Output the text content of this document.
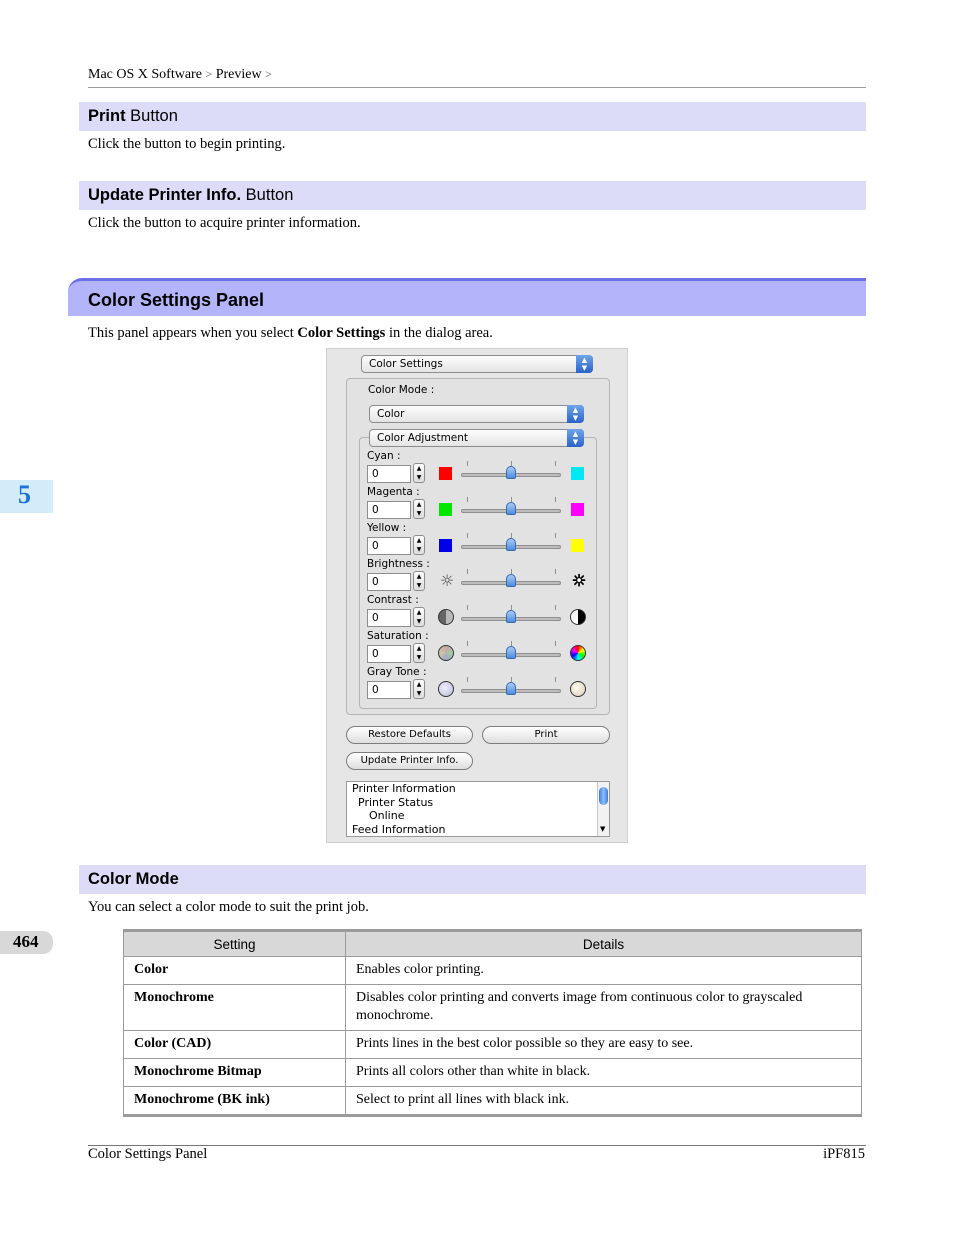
Mac OS X Software > Preview >
Print Button
Click the button to begin printing.
Update Printer Info. Button
Click the button to acquire printer information.
Color Settings Panel
This panel appears when you select Color Settings in the dialog area.
5
464
Color Settings	▲
▼
Color Mode :
Color	▲
▼
Color Adjustment	▲
▼
Cyan :
0	▲
▼
Magenta :
0	▲
▼
Yellow :
0	▲
▼
Brightness :
0	▲
▼ ☼	☀
Contrast :
0	▲
▼
Saturation :
0	▲
▼
Gray Tone :
0	▲
▼
Restore Defaults	Print
Update Printer Info.
Printer Information
Printer Status
Online
Feed Information	▼
Color Mode
You can select a color mode to suit the print job.
Setting	Details
Color	Enables color printing.
Monochrome	Disables color printing and converts image from continuous color to grayscaled monochrome.
Color (CAD)	Prints lines in the best color possible so they are easy to see.
Monochrome Bitmap	Prints all colors other than white in black.
Monochrome (BK ink)	Select to print all lines with black ink.
Color Settings Panel	iPF815
